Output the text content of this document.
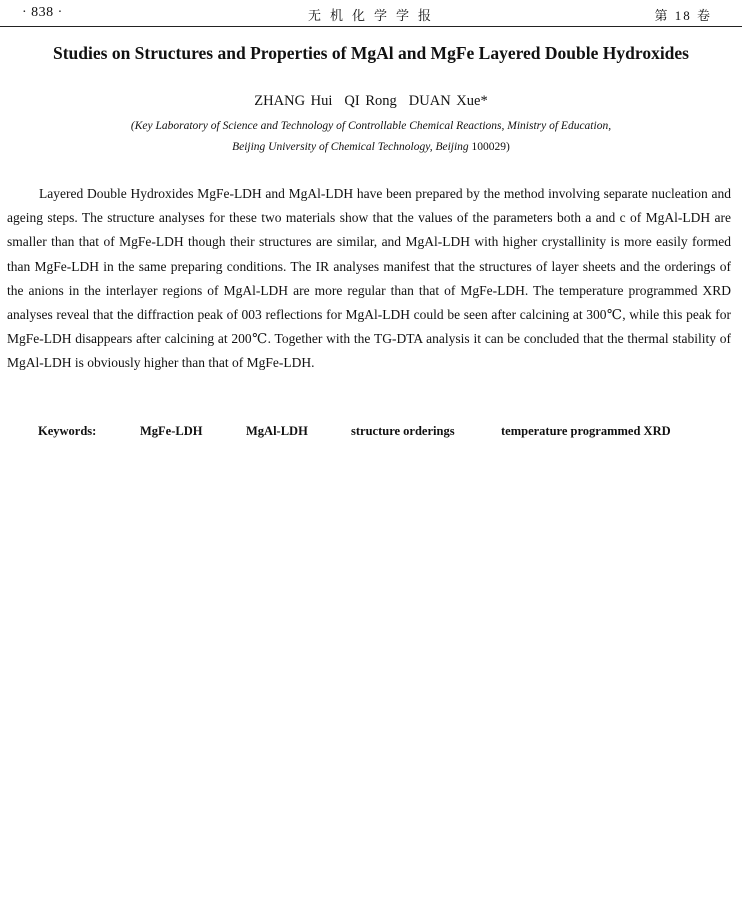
· 838 ·	无机化学学报	第 18 卷
Studies on Structures and Properties of MgAl and MgFe Layered Double Hydroxides
ZHANG Hui QI Rong DUAN Xue*
(Key Laboratory of Science and Technology of Controllable Chemical Reactions, Ministry of Education,
Beijing University of Chemical Technology, Beijing 100029)

Layered Double Hydroxides MgFe-LDH and MgAl-LDH have been prepared by the method involving separate nucleation and ageing steps. The structure analyses for these two materials show that the values of the parameters both a and c of MgAl-LDH are smaller than that of MgFe-LDH though their structures are similar, and MgAl-LDH with higher crystallinity is more easily formed than MgFe-LDH in the same preparing conditions. The IR analyses manifest that the structures of layer sheets and the orderings of the anions in the interlayer regions of MgAl-LDH are more regular than that of MgFe-LDH. The temperature programmed XRD analyses reveal that the diffraction peak of 003 reflections for MgAl-LDH could be seen after calcining at 300℃, while this peak for MgFe-LDH disappears after calcining at 200℃. Together with the TG-DTA analysis it can be concluded that the thermal stability of MgAl-LDH is obviously higher than that of MgFe-LDH.

Keywords:	MgFe-LDH	MgAl-LDH	structure orderings	temperature programmed XRD
